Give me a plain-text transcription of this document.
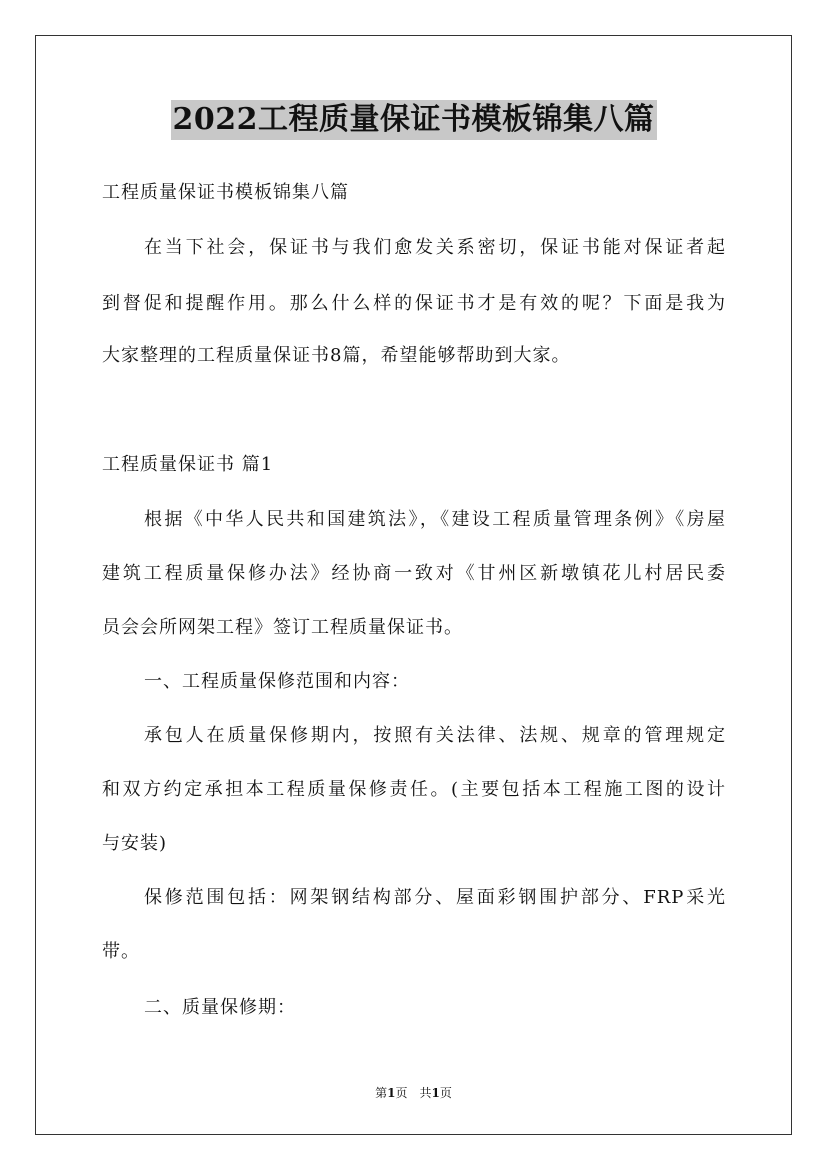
2022工程质量保证书模板锦集八篇
工程质量保证书模板锦集八篇
在当下社会，保证书与我们愈发关系密切，保证书能对保证者起
到督促和提醒作用。那么什么样的保证书才是有效的呢？下面是我为
大家整理的工程质量保证书8篇，希望能够帮助到大家。
工程质量保证书 篇1
根据《中华人民共和国建筑法》，《建设工程质量管理条例》《房屋
建筑工程质量保修办法》经协商一致对《甘州区新墩镇花儿村居民委
员会会所网架工程》签订工程质量保证书。
一、工程质量保修范围和内容：
承包人在质量保修期内，按照有关法律、法规、规章的管理规定
和双方约定承担本工程质量保修责任。(主要包括本工程施工图的设计
与安装)
保修范围包括：网架钢结构部分、屋面彩钢围护部分、FRP采光
带。
二、质量保修期：
第1页　共1页
